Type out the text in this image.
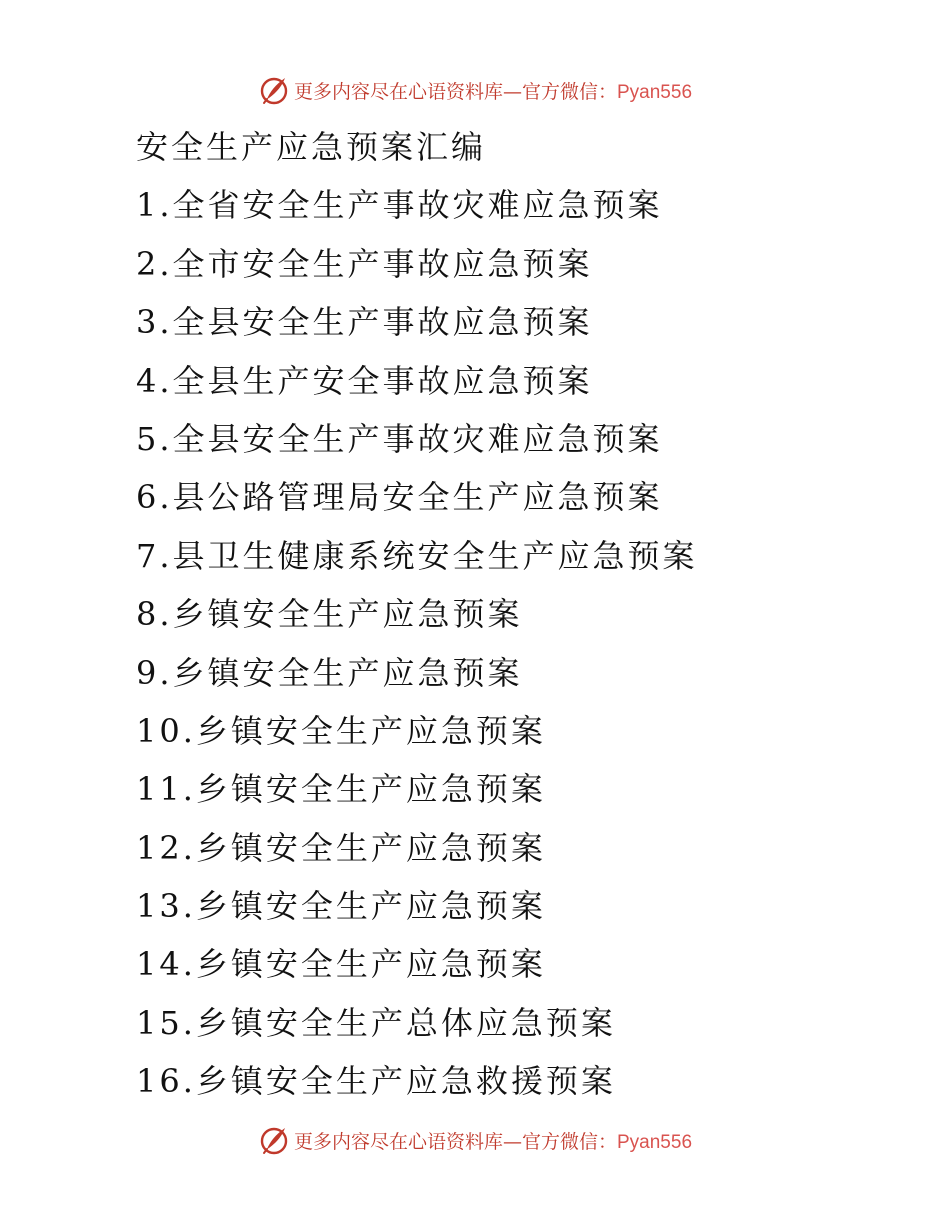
更多内容尽在心语资料库—官方微信：Pyan556
安全生产应急预案汇编
1.全省安全生产事故灾难应急预案
2.全市安全生产事故应急预案
3.全县安全生产事故应急预案
4.全县生产安全事故应急预案
5.全县安全生产事故灾难应急预案
6.县公路管理局安全生产应急预案
7.县卫生健康系统安全生产应急预案
8.乡镇安全生产应急预案
9.乡镇安全生产应急预案
10.乡镇安全生产应急预案
11.乡镇安全生产应急预案
12.乡镇安全生产应急预案
13.乡镇安全生产应急预案
14.乡镇安全生产应急预案
15.乡镇安全生产总体应急预案
16.乡镇安全生产应急救援预案
更多内容尽在心语资料库—官方微信：Pyan556
